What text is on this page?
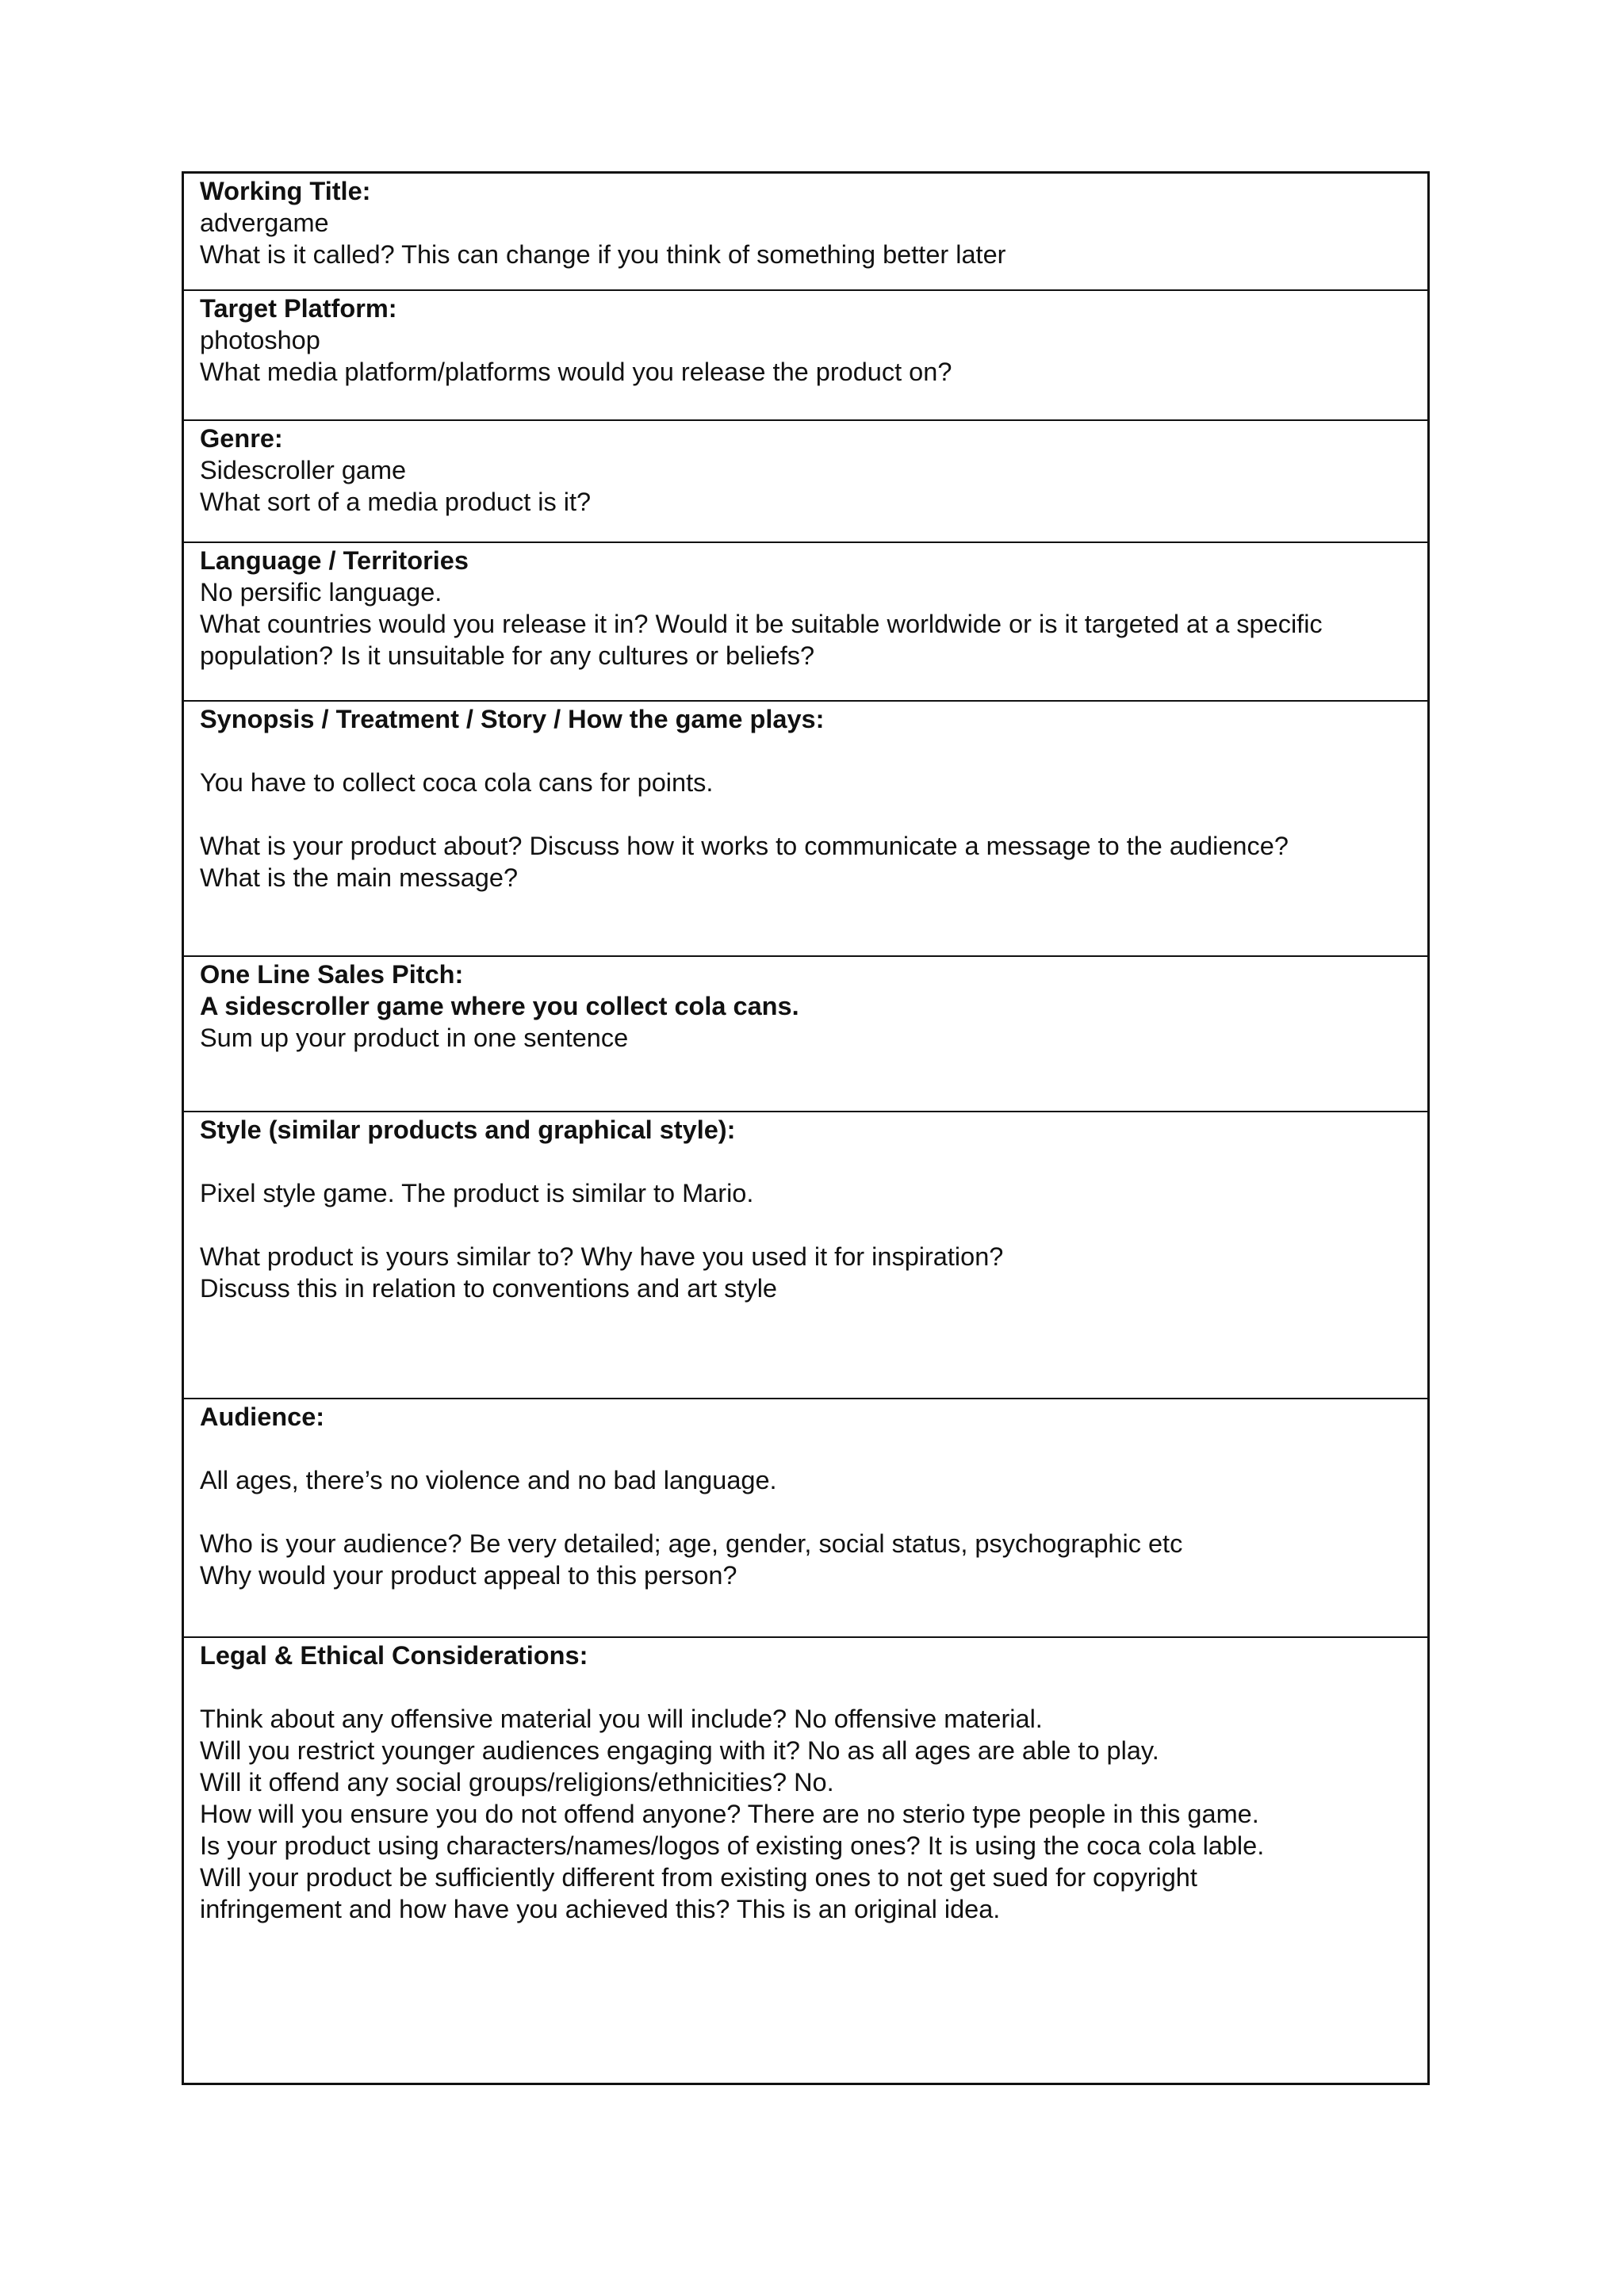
Working Title:
advergame
What is it called? This can change if you think of something better later
Target Platform:
photoshop
What media platform/platforms would you release the product on?
Genre:
Sidescroller game
What sort of a media product is it?
Language / Territories
No persific language.
What countries would you release it in? Would it be suitable worldwide or is it targeted at a specific
population? Is it unsuitable for any cultures or beliefs?
Synopsis / Treatment / Story / How the game plays:
You have to collect coca cola cans for points.
What is your product about? Discuss how it works to communicate a message to the audience?
What is the main message?
One Line Sales Pitch:
A sidescroller game where you collect cola cans.
Sum up your product in one sentence
Style (similar products and graphical style):
Pixel style game. The product is similar to Mario.
What product is yours similar to? Why have you used it for inspiration?
Discuss this in relation to conventions and art style
Audience:
All ages, there’s no violence and no bad language.
Who is your audience? Be very detailed; age, gender, social status, psychographic etc
Why would your product appeal to this person?
Legal & Ethical Considerations:
Think about any offensive material you will include? No offensive material.
Will you restrict younger audiences engaging with it? No as all ages are able to play.
Will it offend any social groups/religions/ethnicities? No.
How will you ensure you do not offend anyone? There are no sterio type people in this game.
Is your product using characters/names/logos of existing ones? It is using the coca cola lable.
Will your product be sufficiently different from existing ones to not get sued for copyright
infringement and how have you achieved this? This is an original idea.
